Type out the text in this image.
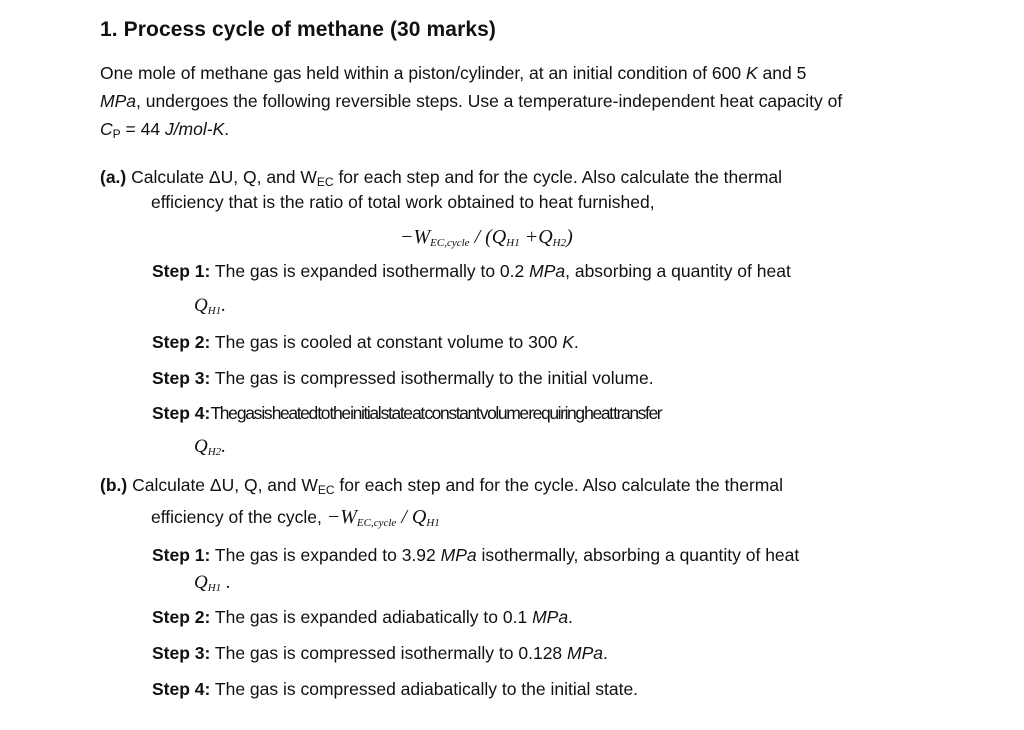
1. Process cycle of methane (30 marks)
One mole of methane gas held within a piston/cylinder, at an initial condition of 600 K and 5
MPa, undergoes the following reversible steps. Use a temperature-independent heat capacity of
$C_P = 44$ J/mol-K.
(a.) Calculate ΔU, Q, and $W_{EC}$ for each step and for the cycle. Also calculate the thermal
efficiency that is the ratio of total work obtained to heat furnished,
$-W_{EC,cycle} / (Q_{H1} +Q_{H2})$
Step 1: The gas is expanded isothermally to 0.2 MPa, absorbing a quantity of heat
$Q_{H1}$.
Step 2: The gas is cooled at constant volume to 300 K.
Step 3: The gas is compressed isothermally to the initial volume.
Step 4: The gas is heated to the initial state at constant volume requiring heat transfer
$Q_{H2}$.
(b.) Calculate ΔU, Q, and $W_{EC}$ for each step and for the cycle. Also calculate the thermal
efficiency of the cycle, $-W_{EC,cycle} / Q_{H1}$
Step 1: The gas is expanded to 3.92 MPa isothermally, absorbing a quantity of heat
$Q_{H1}$ .
Step 2: The gas is expanded adiabatically to 0.1 MPa.
Step 3: The gas is compressed isothermally to 0.128 MPa.
Step 4: The gas is compressed adiabatically to the initial state.
